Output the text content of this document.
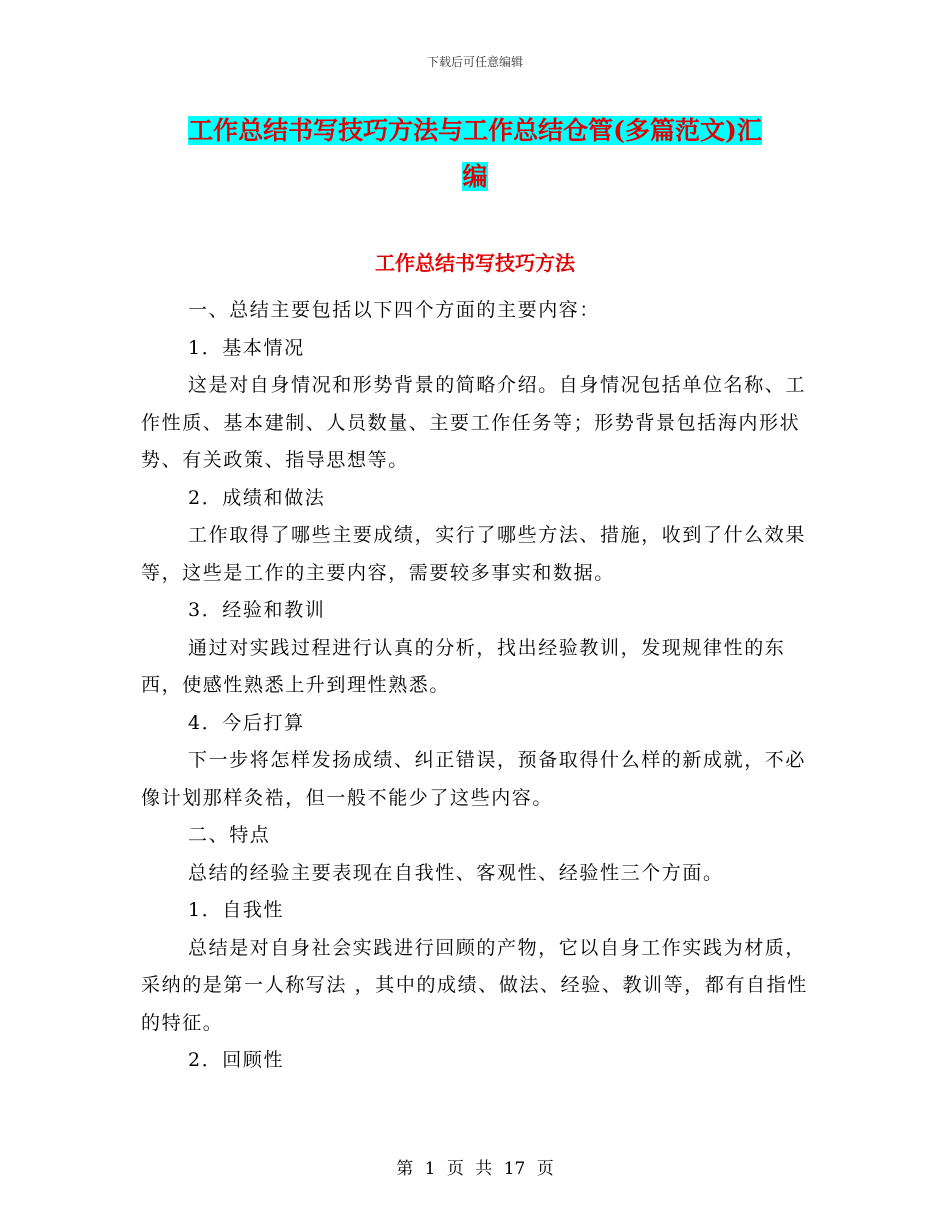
下载后可任意编辑
工作总结书写技巧方法与工作总结仓管(多篇范文)汇
编
工作总结书写技巧方法

一、总结主要包括以下四个方面的主要内容：

1．基本情况

这是对自身情况和形势背景的简略介绍。自身情况包括单位名称、工作性质、基本建制、人员数量、主要工作任务等；形势背景包括海内形状势、有关政策、指导思想等。

2．成绩和做法

工作取得了哪些主要成绩，实行了哪些方法、措施，收到了什么效果等，这些是工作的主要内容，需要较多事实和数据。

3．经验和教训

通过对实践过程进行认真的分析，找出经验教训，发现规律性的东西，使感性熟悉上升到理性熟悉。

4．今后打算

下一步将怎样发扬成绩、纠正错误，预备取得什么样的新成就，不必像计划那样灸祰，但一般不能少了这些内容。

二、特点

总结的经验主要表现在自我性、客观性、经验性三个方面。

1．自我性

总结是对自身社会实践进行回顾的产物，它以自身工作实践为材质，采纳的是第一人称写法 ，其中的成绩、做法、经验、教训等，都有自指性的特征。

2．回顾性

第 1 页 共 17 页
